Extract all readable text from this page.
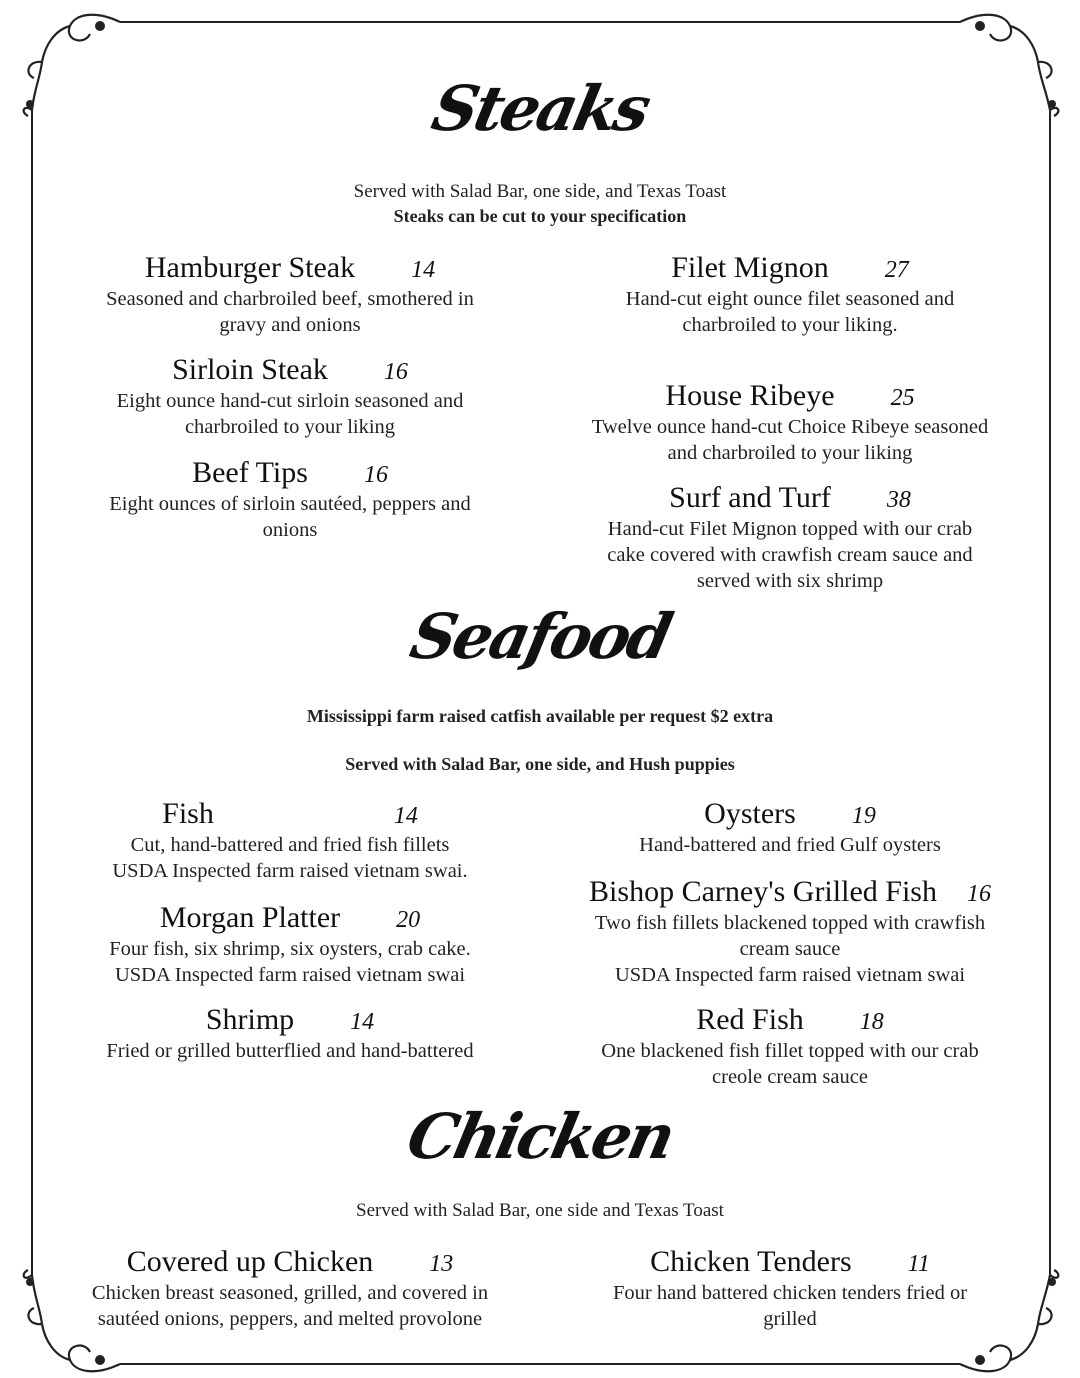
Steaks
Served with Salad Bar, one side, and Texas Toast
Steaks can be cut to your specification
Hamburger Steak 14
Seasoned and charbroiled beef, smothered in
gravy and onions
Filet Mignon 27
Hand-cut eight ounce filet seasoned and
charbroiled to your liking.
Sirloin Steak 16
Eight ounce hand-cut sirloin seasoned and
charbroiled to your liking
House Ribeye 25
Twelve ounce hand-cut Choice Ribeye seasoned
and charbroiled to your liking
Beef Tips 16
Eight ounces of sirloin sautéed, peppers and
onions
Surf and Turf 38
Hand-cut Filet Mignon topped with our crab
cake covered with crawfish cream sauce and
served with six shrimp
Seafood
Mississippi farm raised catfish available per request $2 extra
Served with Salad Bar, one side, and Hush puppies
Fish	14
Cut, hand-battered and fried fish fillets
USDA Inspected farm raised vietnam swai.
Oysters 19
Hand-battered and fried Gulf oysters
Bishop Carney's Grilled Fish 16
Two fish fillets blackened topped with crawfish
cream sauce
USDA Inspected farm raised vietnam swai
Morgan Platter 20
Four fish, six shrimp, six oysters, crab cake.
USDA Inspected farm raised vietnam swai
Shrimp 14
Fried or grilled butterflied and hand-battered
Red Fish 18
One blackened fish fillet topped with our crab
creole cream sauce
Chicken
Served with Salad Bar, one side and Texas Toast
Covered up Chicken 13
Chicken breast seasoned, grilled, and covered in
sautéed onions, peppers, and melted provolone
Chicken Tenders 11
Four hand battered chicken tenders fried or
grilled
